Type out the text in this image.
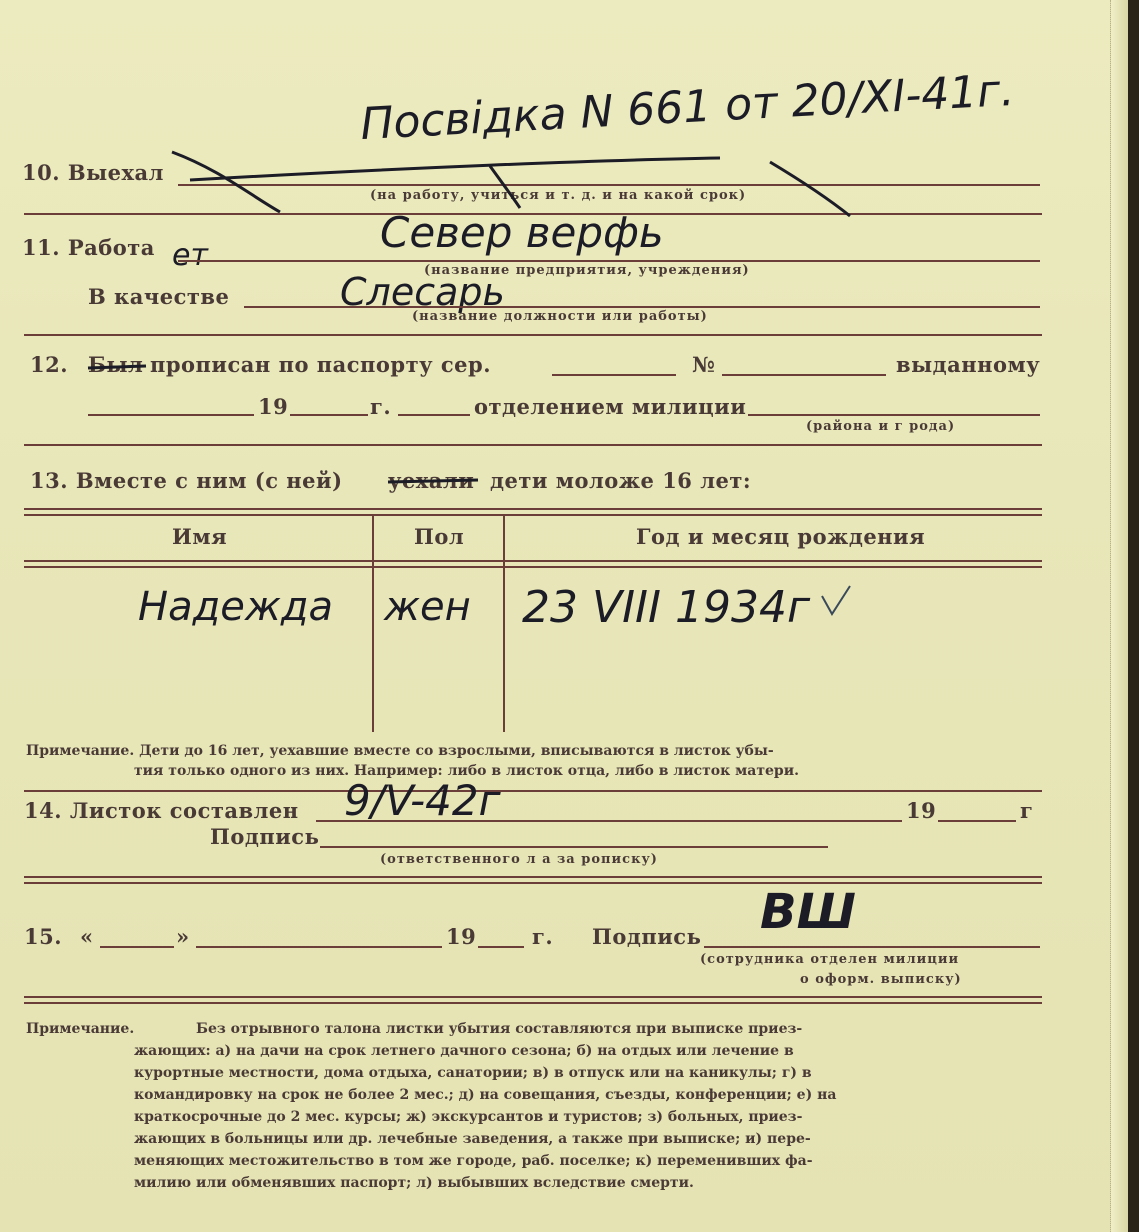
Посвідка N 661 от 20/XI-41г.
10. Выехал
(на работу, учиться и т. д. и на какой срок)
11. Работа ет	Север верфь
(название предприятия, учреждения)
В качестве	Слесарь
(название должности или работы)
12. Был прописан по паспорту сер.	№	выданному
19	г.	отделением милиции
(района и г рода)
13. Вместе с ним (с ней) уехали дети моложе 16 лет:
Имя	Пол	Год и месяц рождения
Надежда жен 23 VIII 1934г
Примечание. Дети до 16 лет, уехавшие вместе со взрослыми, вписываются в листок убы-
тия только одного из них. Например: либо в листок отца, либо в листок матери.
14. Листок составлен 9/V-42г	19	г
Подпись
(ответственного л а за рописку)
15. «	»	19	г. Подпись ВШ
(сотрудника отделен милиции
о оформ. выписку)
Примечание.	Без отрывного талона листки убытия составляются при выписке приез-
жающих: а) на дачи на срок летнего дачного сезона; б) на отдых или лечение в
курортные местности, дома отдыха, санатории; в) в отпуск или на каникулы; г) в
командировку на срок не более 2 мес.; д) на совещания, съезды, конференции; е) на
краткосрочные до 2 мес. курсы; ж) экскурсантов и туристов; з) больных, приез-
жающих в больницы или др. лечебные заведения, а также при выписке; и) пере-
меняющих местожительство в том же городе, раб. поселке; к) переменивших фа-
милию или обменявших паспорт; л) выбывших вследствие смерти.
